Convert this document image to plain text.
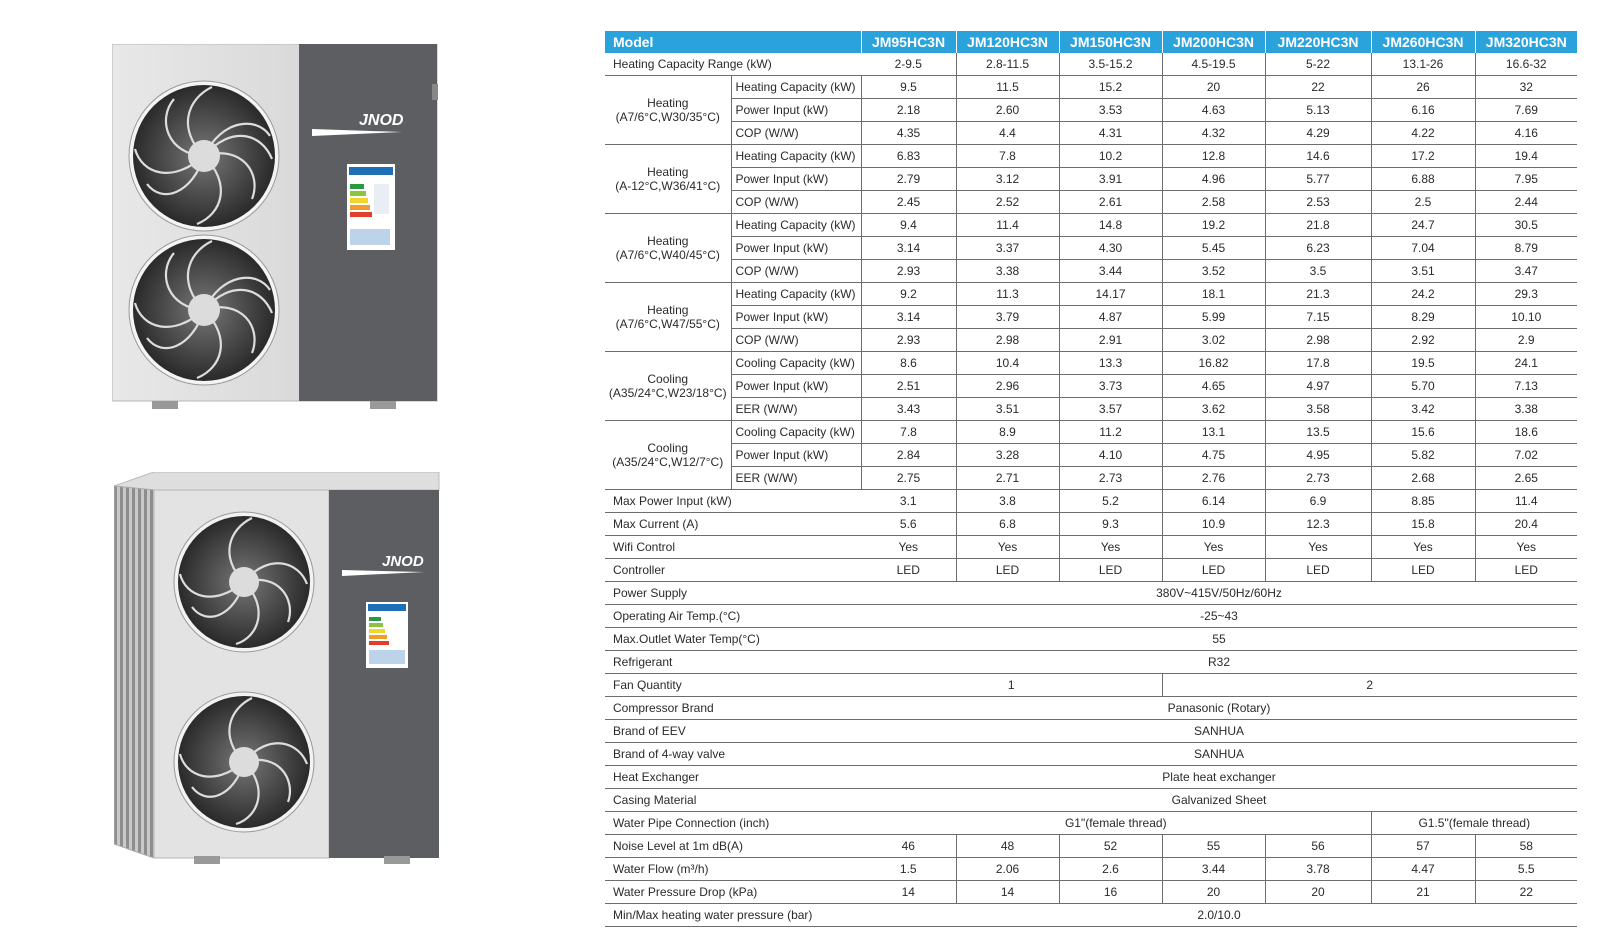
JNOD
JNOD
Model		JM95HC3N	JM120HC3N	JM150HC3N	JM200HC3N	JM220HC3N	JM260HC3N	JM320HC3N
Heating Capacity Range (kW)		2-9.5	2.8-11.5	3.5-15.2	4.5-19.5	5-22	13.1-26	16.6-32

Heating
(A7/6°C,W30/35°C)	Heating Capacity (kW)	9.5	11.5	15.2	20	22	26	32
	Power Input (kW)	2.18	2.60	3.53	4.63	5.13	6.16	7.69
	COP (W/W)	4.35	4.4	4.31	4.32	4.29	4.22	4.16

Heating
(A-12°C,W36/41°C)	Heating Capacity (kW)	6.83	7.8	10.2	12.8	14.6	17.2	19.4
	Power Input (kW)	2.79	3.12	3.91	4.96	5.77	6.88	7.95
	COP (W/W)	2.45	2.52	2.61	2.58	2.53	2.5	2.44

Heating
(A7/6°C,W40/45°C)	Heating Capacity (kW)	9.4	11.4	14.8	19.2	21.8	24.7	30.5
	Power Input (kW)	3.14	3.37	4.30	5.45	6.23	7.04	8.79
	COP (W/W)	2.93	3.38	3.44	3.52	3.5	3.51	3.47

Heating
(A7/6°C,W47/55°C)	Heating Capacity (kW)	9.2	11.3	14.17	18.1	21.3	24.2	29.3
	Power Input (kW)	3.14	3.79	4.87	5.99	7.15	8.29	10.10
	COP (W/W)	2.93	2.98	2.91	3.02	2.98	2.92	2.9

Cooling
(A35/24°C,W23/18°C)	Cooling Capacity (kW)	8.6	10.4	13.3	16.82	17.8	19.5	24.1
	Power Input (kW)	2.51	2.96	3.73	4.65	4.97	5.70	7.13
	EER (W/W)	3.43	3.51	3.57	3.62	3.58	3.42	3.38

Cooling
(A35/24°C,W12/7°C)	Cooling Capacity (kW)	7.8	8.9	11.2	13.1	13.5	15.6	18.6
	Power Input (kW)	2.84	3.28	4.10	4.75	4.95	5.82	7.02
	EER (W/W)	2.75	2.71	2.73	2.76	2.73	2.68	2.65
Max Power Input (kW)		3.1	3.8	5.2	6.14	6.9	8.85	11.4
Max Current (A)		5.6	6.8	9.3	10.9	12.3	15.8	20.4
Wifi Control		Yes	Yes	Yes	Yes	Yes	Yes	Yes
Controller		LED	LED	LED	LED	LED	LED	LED
Power Supply		380V~415V/50Hz/60Hz						
Operating Air Temp.(°C)		-25~43						
Max.Outlet Water Temp(°C)		55						
Refrigerant		R32						
Fan Quantity		1			2			
Compressor Brand		Panasonic (Rotary)						
Brand of EEV		SANHUA						
Brand of 4-way valve		SANHUA						
Heat Exchanger		Plate heat exchanger						
Casing Material		Galvanized Sheet						
Water Pipe Connection (inch)		G1"(female thread)					G1.5"(female thread)	
Noise Level at 1m dB(A)		46	48	52	55	56	57	58
Water Flow (m³/h)		1.5	2.06	2.6	3.44	3.78	4.47	5.5
Water Pressure Drop (kPa)		14	14	16	20	20	21	22
Min/Max heating water pressure (bar)		2.0/10.0						
